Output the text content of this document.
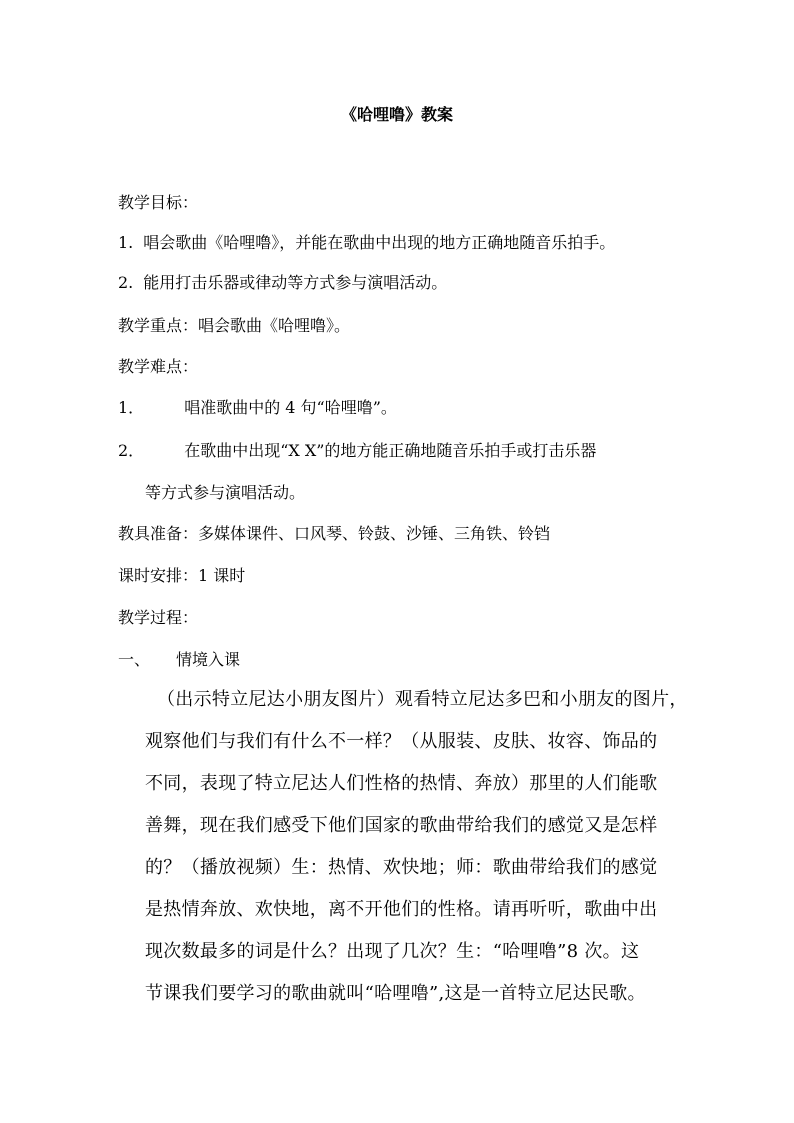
《哈哩噜》教案
教学目标：
1. 唱会歌曲《哈哩噜》，并能在歌曲中出现的地方正确地随音乐拍手。
2. 能用打击乐器或律动等方式参与演唱活动。
教学重点：唱会歌曲《哈哩噜》。
教学难点：
1．	唱准歌曲中的 4 句“哈哩噜”。
2．	在歌曲中出现“X X”的地方能正确地随音乐拍手或打击乐器
等方式参与演唱活动。
教具准备：多媒体课件、口风琴、铃鼓、沙锤、三角铁、铃铛
课时安排：1 课时
教学过程：
一、 情境入课
（出示特立尼达小朋友图片）观看特立尼达多巴和小朋友的图片，
观察他们与我们有什么不一样？（从服装、皮肤、妆容、饰品的
不同，表现了特立尼达人们性格的热情、奔放）那里的人们能歌
善舞，现在我们感受下他们国家的歌曲带给我们的感觉又是怎样
的？（播放视频）生：热情、欢快地；师：歌曲带给我们的感觉
是热情奔放、欢快地，离不开他们的性格。请再听听，歌曲中出
现次数最多的词是什么？出现了几次？生：“哈哩噜”8 次。这
节课我们要学习的歌曲就叫“哈哩噜”,这是一首特立尼达民歌。
